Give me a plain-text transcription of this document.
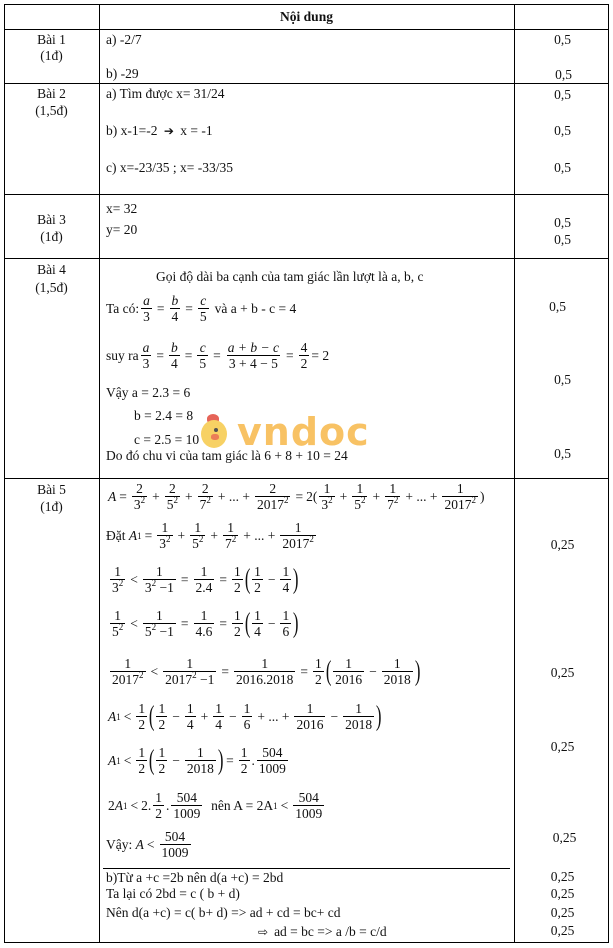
Nội dung
Bài 1
(1đ)
a) -2/7
b) -29
0,5
0,5
Bài 2
(1,5đ)
a) Tìm được x= 31/24
b) x-1=-2 ➔ x = -1
c) x=-23/35 ; x= -33/35
0,5
0,5
0,5
Bài 3
(1đ)
x= 32
y= 20	0,5
0,5
Bài 4
(1,5đ)
Gọi độ dài ba cạnh của tam giác lần lượt là a, b, c
Ta có: $\frac{a}{3} = \frac{b}{4} = \frac{c}{5}$ và a + b - c = 4
suy ra $\frac{a}{3} = \frac{b}{4} = \frac{c}{5} = \frac{a + b - c}{3 + 4 - 5} = \frac{4}{2} = 2$
Vậy a = 2.3 = 6
b = 2.4 = 8
c = 2.5 = 10
Do đó chu vi của tam giác là 6 + 8 + 10 = 24
0,5
0,5
0,5
vndoc
Bài 5
(1đ)
$A = \frac{2}{3^2} + \frac{2}{5^2} + \frac{2}{7^2}$ + ... + $\frac{2}{2017^2} = 2$ ( $\frac{1}{3^2} + \frac{1}{5^2} + \frac{1}{7^2}$ + ... + $\frac{1}{2017^2}$ )
Đặt
A $1 = \frac{1}{3^2} + \frac{1}{5^2} + \frac{1}{7^2}$ + ... + $\frac{1}{2017^2}$
$\frac{1}{3^2} < \frac{1}{3^2 -1} = \frac{1}{2.4} = \frac{1}{2}$ ( $\frac{1}{2} - \frac{1}{4}$ )
$\frac{1}{5^2} < \frac{1}{5^2 -1} = \frac{1}{4.6} = \frac{1}{2}$ ( $\frac{1}{4} - \frac{1}{6}$ )
$\frac{1}{2017^2} < \frac{1}{2017^2 -1} = \frac{1}{2016.2018} = \frac{1}{2}$ ( $\frac{1}{2016} - \frac{1}{2018}$ )
A $1 < \frac{1}{2}$ ( $\frac{1}{2} - \frac{1}{4} + \frac{1}{4} - \frac{1}{6}$ + ... + $\frac{1}{2016} - \frac{1}{2018}$ )
A $1 < \frac{1}{2}$ ( $\frac{1}{2} - \frac{1}{2018}$ ) = $\frac{1}{2}$ . $\frac{504}{1009}$
2 A 1 < 2. $\frac{1}{2}$ . $\frac{504}{1009}$
nên A = 2A $1 < \frac{504}{1009}$
Vậy:
$A < \frac{504}{1009}$
b)Từ a +c =2b nên d(a +c) = 2bd
Ta lại có 2bd = c ( b + d)
Nên d(a +c) = c( b+ d) => ad + cd = bc+ cd
⇨ ad = bc => a /b = c/d
0,25
0,25
0,25
0,25
0,25
0,25
0,25
0,25
